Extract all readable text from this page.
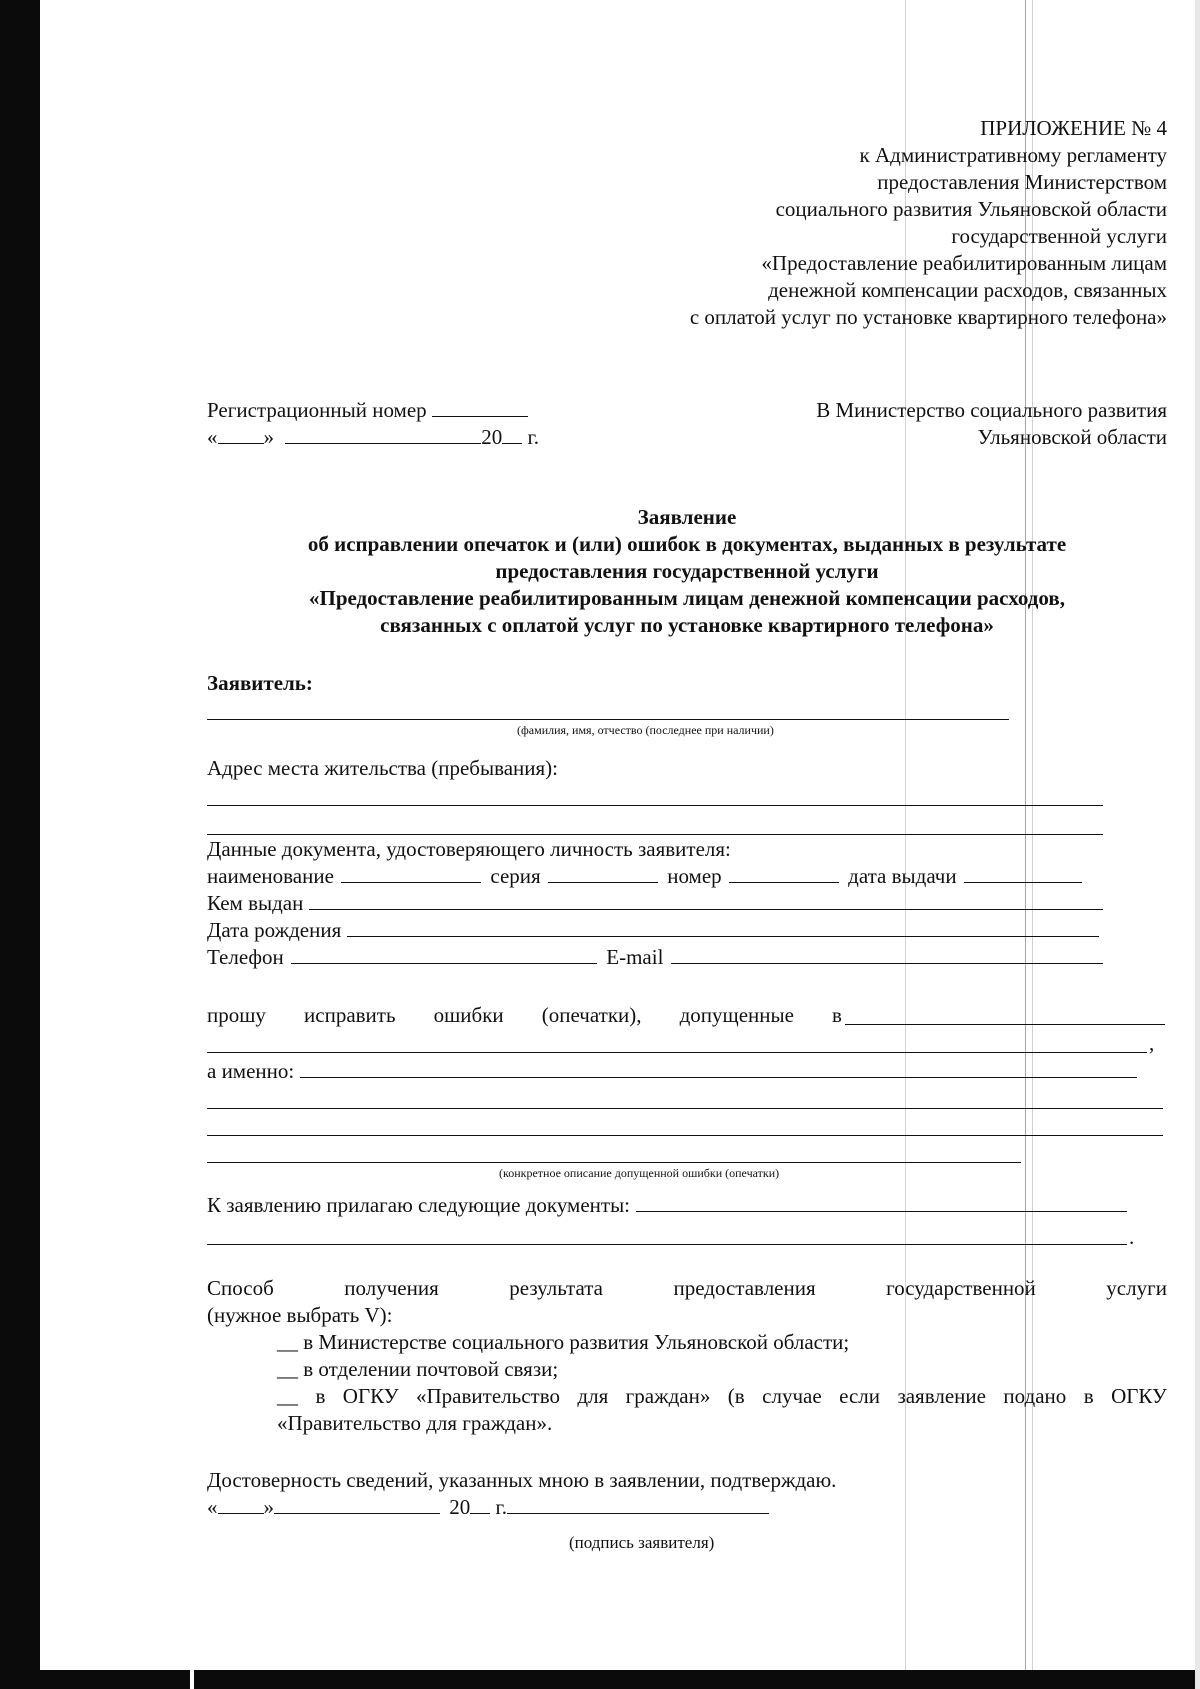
ПРИЛОЖЕНИЕ № 4
к Административному регламенту
предоставления Министерством
социального развития Ульяновской области
государственной услуги
«Предоставление реабилитированным лицам
денежной компенсации расходов, связанных
с оплатой услуг по установке квартирного телефона»
Регистрационный номер
« »	20 г.
В Министерство социального развития
Ульяновской области
Заявление
об исправлении опечаток и (или) ошибок в документах, выданных в результате
предоставления государственной услуги
«Предоставление реабилитированным лицам денежной компенсации расходов,
связанных с оплатой услуг по установке квартирного телефона»
Заявитель:
(фамилия, имя, отчество (последнее при наличии)
Адрес места жительства (пребывания):
Данные документа, удостоверяющего личность заявителя:
наименование	серия	номер	дата выдачи
Кем выдан
Дата рождения
Телефон	E-mail
прошу исправить ошибки (опечатки), допущенные в
,
а именно:
(конкретное описание допущенной ошибки (опечатки)
К заявлению прилагаю следующие документы:
.
Способ	получения	результата	предоставления	государственной	услуги
(нужное выбрать V):
__ в Министерстве социального развития Ульяновской области;
__ в отделении почтовой связи;
__ в ОГКУ «Правительство для граждан» (в случае если заявление подано в ОГКУ
«Правительство для граждан».
Достоверность сведений, указанных мною в заявлении, подтверждаю.
« »	20 г.
(подпись заявителя)
